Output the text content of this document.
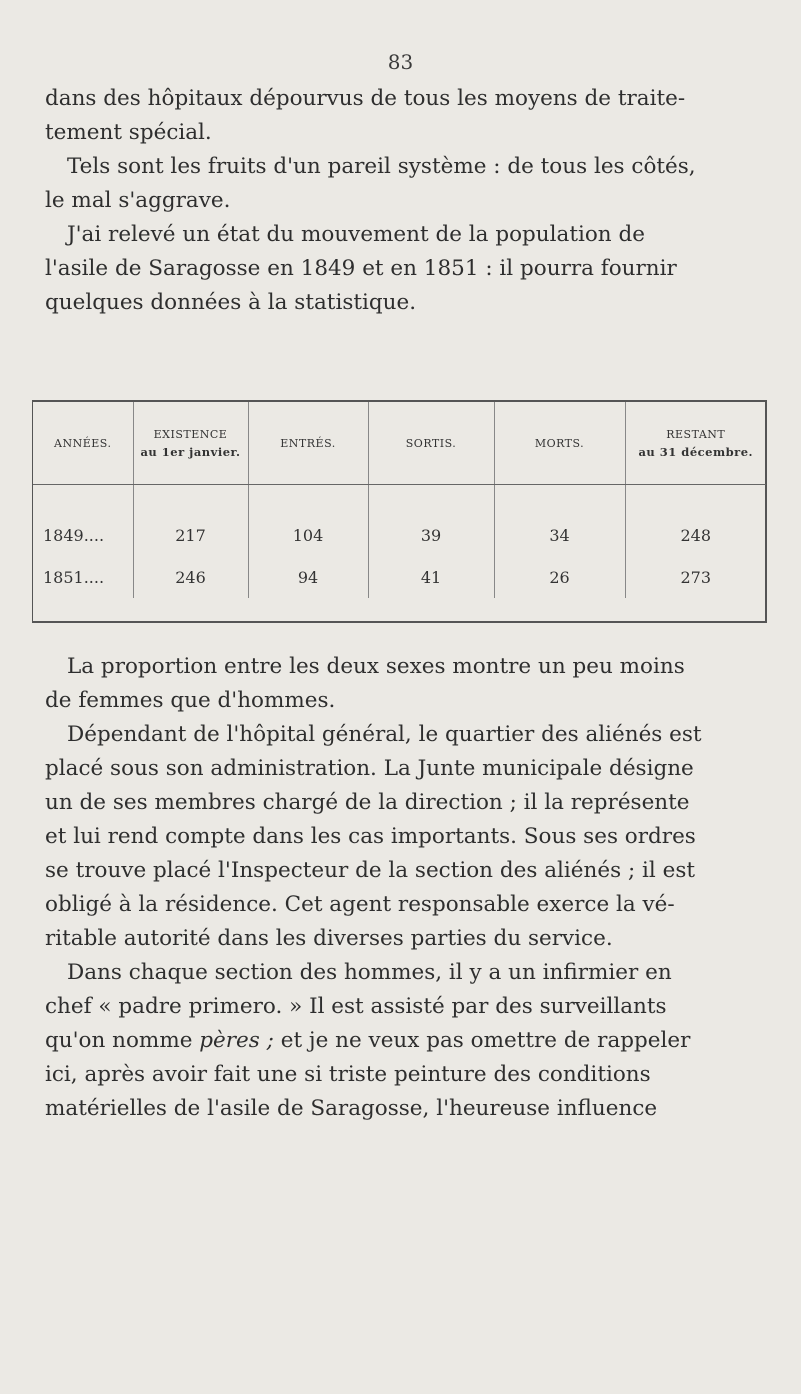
83

dans des hôpitaux dépourvus de tous les moyens de traite-
tement spécial.

Tels sont les fruits d'un pareil système : de tous les côtés,
le mal s'aggrave.

J'ai relevé un état du mouvement de la population de
l'asile de Saragosse en 1849 et en 1851 : il pourra fournir
quelques données à la statistique.

ANNÉES.	EXISTENCE
au 1er janvier.	ENTRÉS.	SORTIS.	MORTS.	RESTANT
au 31 décembre.

1849....	217	104	39	34	248
1851....	246	94	41	26	273

La proportion entre les deux sexes montre un peu moins
de femmes que d'hommes.

Dépendant de l'hôpital général, le quartier des aliénés est
placé sous son administration. La Junte municipale désigne
un de ses membres chargé de la direction ; il la représente
et lui rend compte dans les cas importants. Sous ses ordres
se trouve placé l'Inspecteur de la section des aliénés ; il est
obligé à la résidence. Cet agent responsable exerce la vé-
ritable autorité dans les diverses parties du service.

Dans chaque section des hommes, il y a un infirmier en
chef « padre primero. » Il est assisté par des surveillants
qu'on nomme pères ; et je ne veux pas omettre de rappeler
ici, après avoir fait une si triste peinture des conditions
matérielles de l'asile de Saragosse, l'heureuse influence
